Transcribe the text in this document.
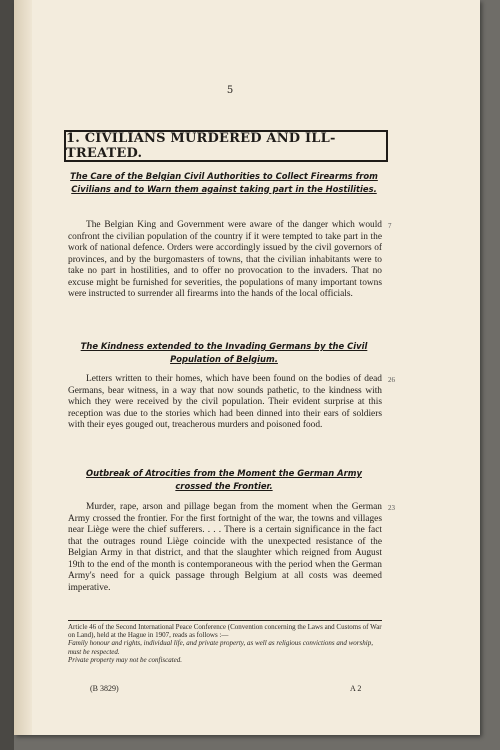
5
1. CIVILIANS MURDERED AND ILL-TREATED.
The Care of the Belgian Civil Authorities to Collect Firearms from Civilians and to Warn them against taking part in the Hostilities.

The Belgian King and Government were aware of the danger which would confront the civilian population of the country if it were tempted to take part in the work of national defence. Orders were accordingly issued by the civil governors of provinces, and by the burgomasters of towns, that the civilian inhabitants were to take no part in hostilities, and to offer no provocation to the invaders. That no excuse might be furnished for severities, the populations of many important towns were instructed to surrender all firearms into the hands of the local officials.

7
The Kindness extended to the Invading Germans by the Civil Population of Belgium.

Letters written to their homes, which have been found on the bodies of dead Germans, bear witness, in a way that now sounds pathetic, to the kindness with which they were received by the civil population. Their evident surprise at this reception was due to the stories which had been dinned into their ears of soldiers with their eyes gouged out, treacherous murders and poisoned food.

26
Outbreak of Atrocities from the Moment the German Army crossed the Frontier.

Murder, rape, arson and pillage began from the moment when the German Army crossed the frontier. For the first fortnight of the war, the towns and villages near Liège were the chief sufferers. . . . There is a certain significance in the fact that the outrages round Liège coincide with the unexpected resistance of the Belgian Army in that district, and that the slaughter which reigned from August 19th to the end of the month is contemporaneous with the period when the German Army's need for a quick passage through Belgium at all costs was deemed imperative.

23

Article 46 of the Second International Peace Conference (Convention concerning the Laws and Customs of War on Land), held at the Hague in 1907, reads as follows :—

Family honour and rights, individual life, and private property, as well as religious convictions and worship, must be respected.

Private property may not be confiscated.

(B 3829)	A 2
